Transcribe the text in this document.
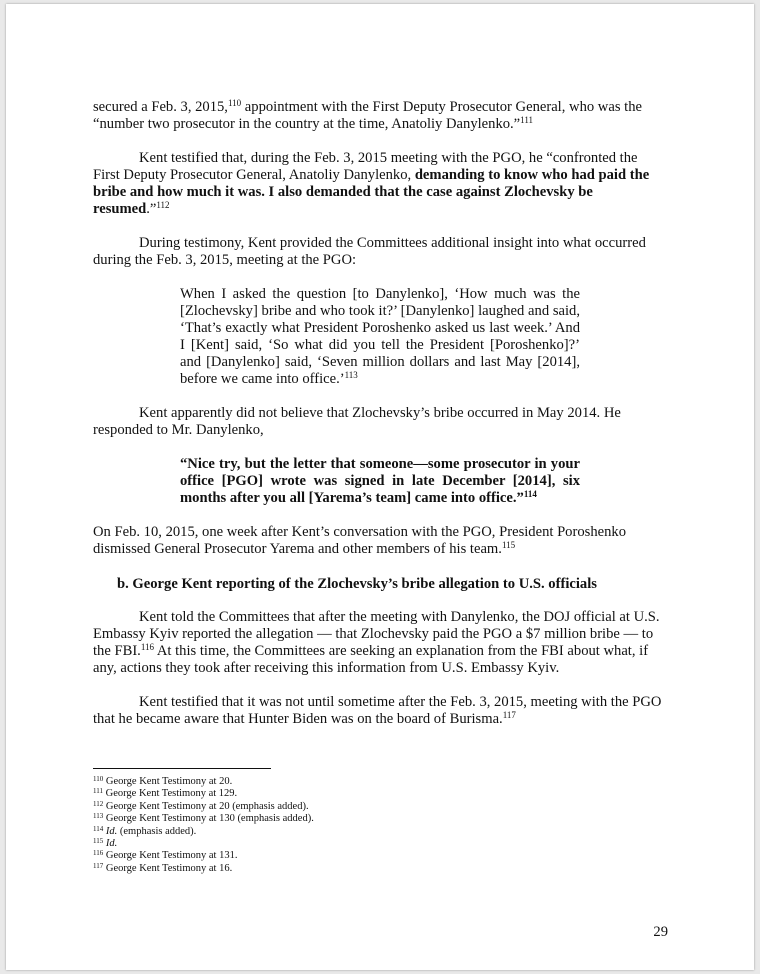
secured a Feb. 3, 2015,$^{110}$ appointment with the First Deputy Prosecutor General, who was the “number two prosecutor in the country at the time, Anatoliy Danylenko.”$^{111}$

Kent testified that, during the Feb. 3, 2015 meeting with the PGO, he “confronted the First Deputy Prosecutor General, Anatoliy Danylenko, demanding to know who had paid the bribe and how much it was. I also demanded that the case against Zlochevsky be resumed.”$^{112}$

During testimony, Kent provided the Committees additional insight into what occurred during the Feb. 3, 2015, meeting at the PGO:

When I asked the question [to Danylenko], ‘How much was the [Zlochevsky] bribe and who took it?’ [Danylenko] laughed and said, ‘That’s exactly what President Poroshenko asked us last week.’ And I [Kent] said, ‘So what did you tell the President [Poroshenko]?’ and [Danylenko] said, ‘Seven million dollars and last May [2014], before we came into office.’$^{113}$

Kent apparently did not believe that Zlochevsky’s bribe occurred in May 2014. He responded to Mr. Danylenko,

“Nice try, but the letter that someone—some prosecutor in your office [PGO] wrote was signed in late December [2014], six months after you all [Yarema’s team] came into office.”$^{114}$

On Feb. 10, 2015, one week after Kent’s conversation with the PGO, President Poroshenko dismissed General Prosecutor Yarema and other members of his team.$^{115}$

b. George Kent reporting of the Zlochevsky’s bribe allegation to U.S. officials

Kent told the Committees that after the meeting with Danylenko, the DOJ official at U.S. Embassy Kyiv reported the allegation — that Zlochevsky paid the PGO a $7 million bribe — to the FBI.$^{116}$ At this time, the Committees are seeking an explanation from the FBI about what, if any, actions they took after receiving this information from U.S. Embassy Kyiv.

Kent testified that it was not until sometime after the Feb. 3, 2015, meeting with the PGO that he became aware that Hunter Biden was on the board of Burisma.$^{117}$

$^{110}$ George Kent Testimony at 20.
$^{111}$ George Kent Testimony at 129.
$^{112}$ George Kent Testimony at 20 (emphasis added).
$^{113}$ George Kent Testimony at 130 (emphasis added).
$^{114}$ Id. (emphasis added).
$^{115}$ Id.
$^{116}$ George Kent Testimony at 131.
$^{117}$ George Kent Testimony at 16.
29
